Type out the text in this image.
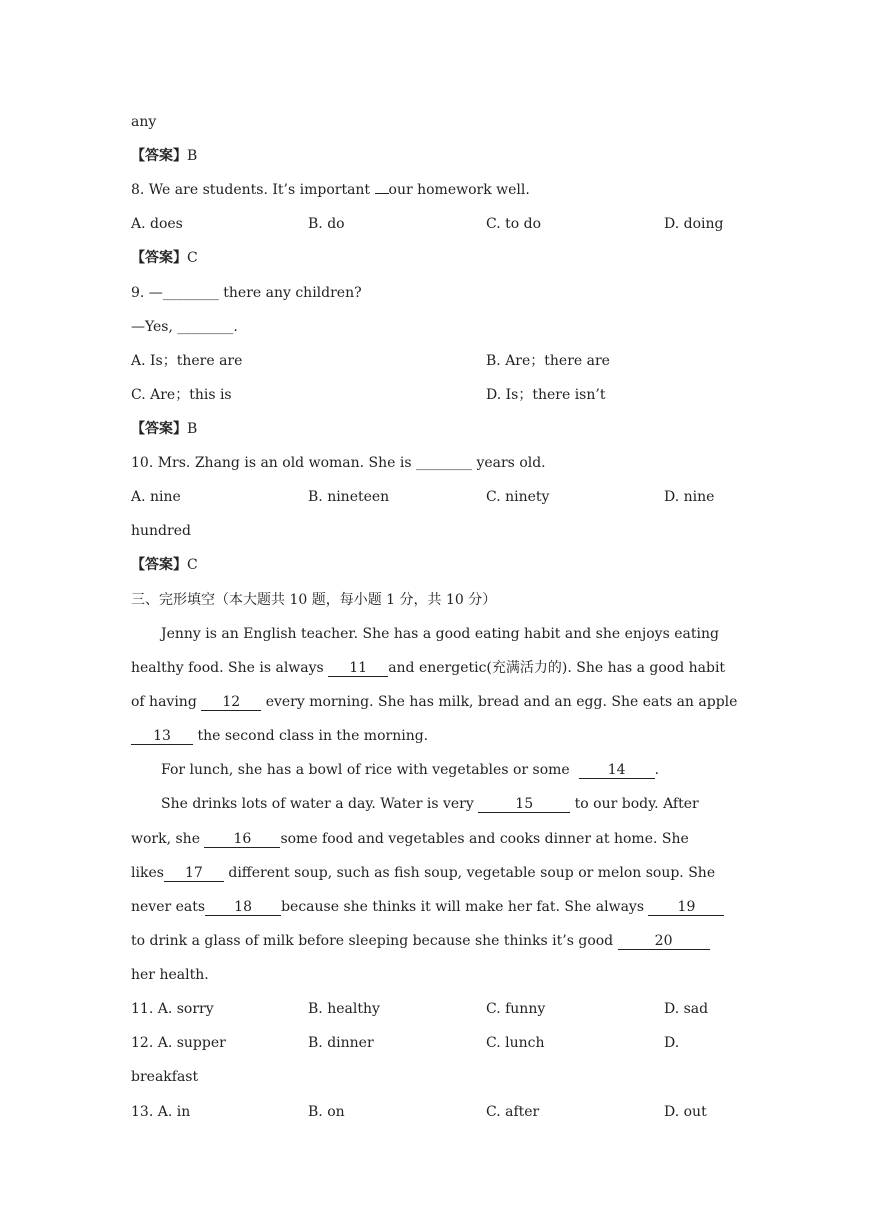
any
【答案】B
8. We are students. It’s important our homework well.
A. does	B. do	C. to do	D. doing
【答案】C
9. —________ there any children?
—Yes, ________.
A. Is；there are	B. Are；there are
C. Are；this is	D. Is；there isn’t
【答案】B
10. Mrs. Zhang is an old woman. She is ________ years old.
A. nine	B. nineteen	C. ninety	D. nine
hundred
【答案】C
三、完形填空（本大题共 10 题，每小题 1 分，共 10 分）
Jenny is an English teacher. She has a good eating habit and she enjoys eating
healthy food. She is always 11 and energetic(充满活力的). She has a good habit
of having 12 every morning. She has milk, bread and an egg. She eats an apple
13 the second class in the morning.
For lunch, she has a bowl of rice with vegetables or some  14 .
She drinks lots of water a day. Water is very	15	to our body. After
work, she 16 some food and vegetables and cooks dinner at home. She
likes 17 different soup, such as fish soup, vegetable soup or melon soup. She
never eats 18 because she thinks it will make her fat. She always 19
to drink a glass of milk before sleeping because she thinks it’s good	20
her health.
11. A. sorry	B. healthy	C. funny	D. sad
12. A. supper	B. dinner	C. lunch	D.
breakfast
13. A. in	B. on	C. after	D. out
